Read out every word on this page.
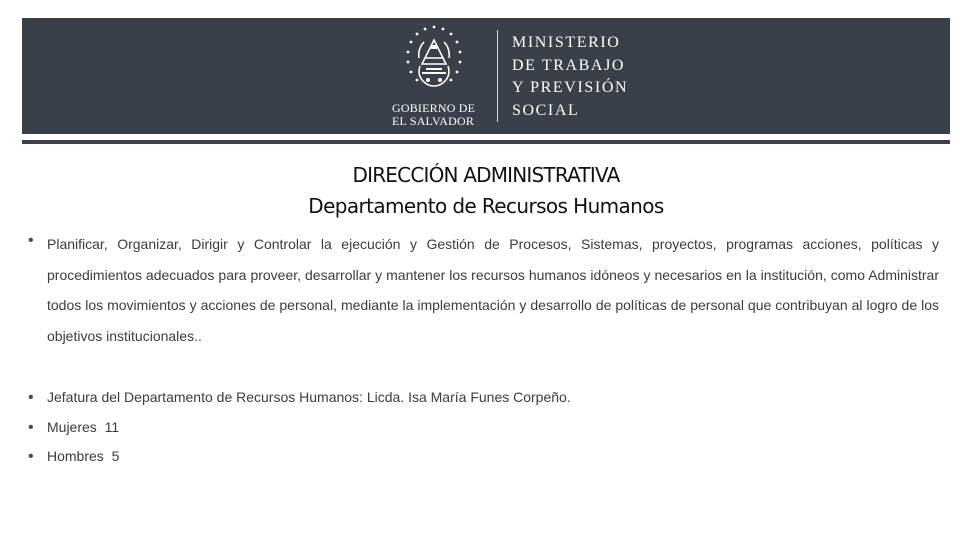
GOBIERNO DE
EL SALVADOR
MINISTERIO
DE TRABAJO
Y PREVISIÓN
SOCIAL
DIRECCIÓN ADMINISTRATIVA
Departamento de Recursos Humanos
• Planificar, Organizar, Dirigir y Controlar la ejecución y Gestión de Procesos, Sistemas, proyectos, programas acciones, políticas y procedimientos adecuados para proveer, desarrollar y mantener los recursos humanos idóneos y necesarios en la institución, como Administrar todos los movimientos y acciones de personal, mediante la implementación y desarrollo de políticas de personal que contribuyan al logro de los objetivos institucionales..
• Jefatura del Departamento de Recursos Humanos: Licda. Isa María Funes Corpeño.
• Mujeres  11
• Hombres  5
